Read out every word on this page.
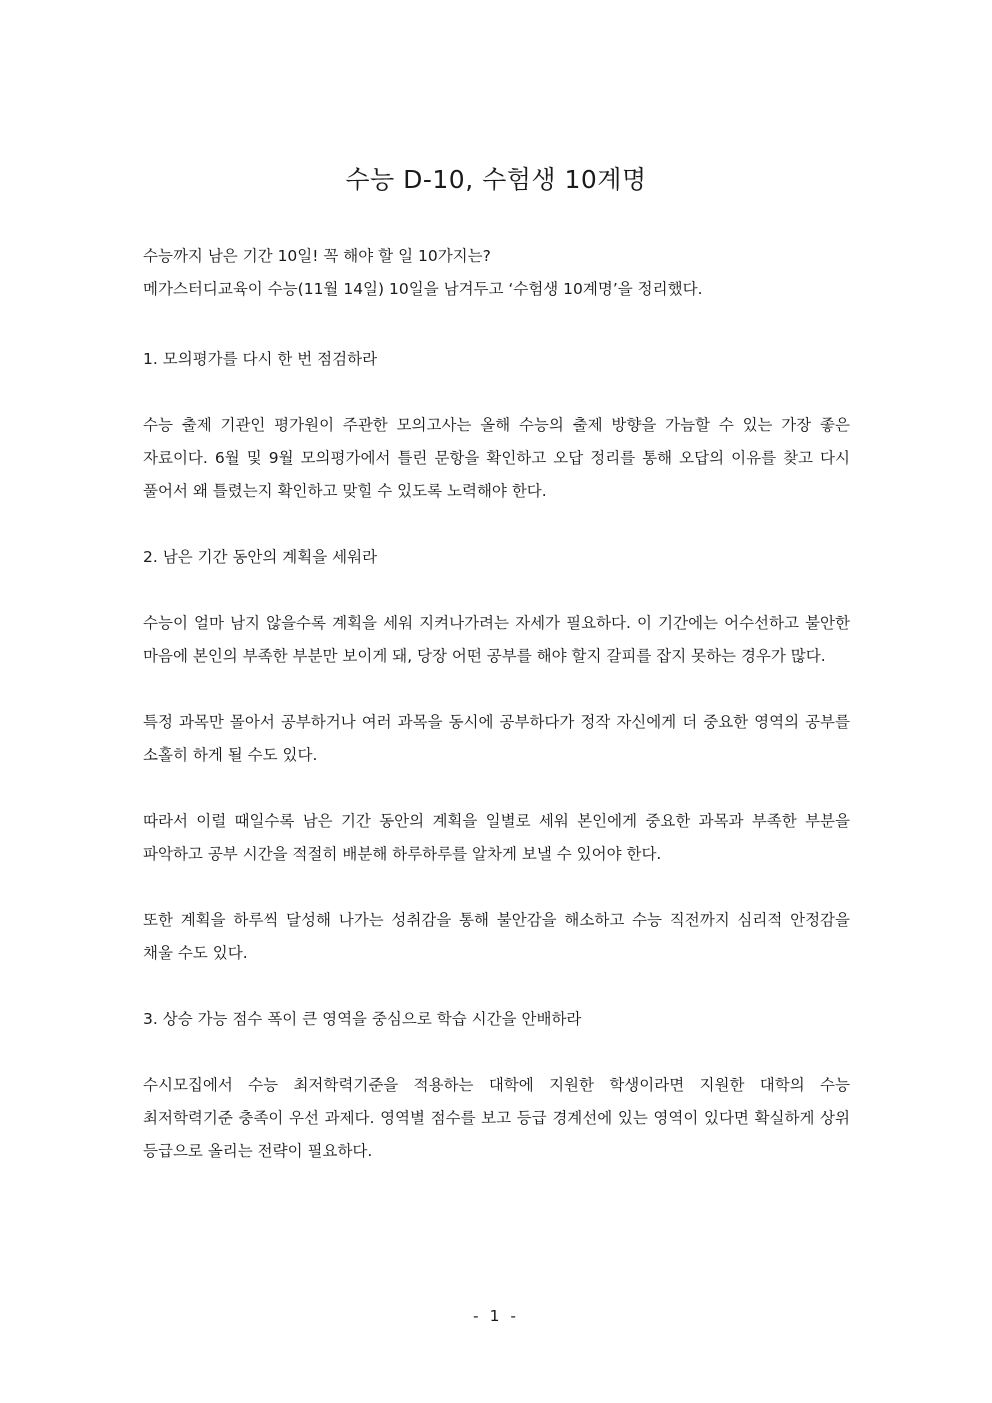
수능 D-10, 수험생 10계명

수능까지 남은 기간 10일! 꼭 해야 할 일 10가지는?

메가스터디교육이 수능(11월 14일) 10일을 남겨두고 ‘수험생 10계명’을 정리했다.

1. 모의평가를 다시 한 번 점검하라

수능 출제 기관인 평가원이 주관한 모의고사는 올해 수능의 출제 방향을 가늠할 수 있는 가장 좋은 자료이다. 6월 및 9월 모의평가에서 틀린 문항을 확인하고 오답 정리를 통해 오답의 이유를 찾고 다시 풀어서 왜 틀렸는지 확인하고 맞힐 수 있도록 노력해야 한다.

2. 남은 기간 동안의 계획을 세워라

수능이 얼마 남지 않을수록 계획을 세워 지켜나가려는 자세가 필요하다. 이 기간에는 어수선하고 불안한 마음에 본인의 부족한 부분만 보이게 돼, 당장 어떤 공부를 해야 할지 갈피를 잡지 못하는 경우가 많다.

특정 과목만 몰아서 공부하거나 여러 과목을 동시에 공부하다가 정작 자신에게 더 중요한 영역의 공부를 소홀히 하게 될 수도 있다.

따라서 이럴 때일수록 남은 기간 동안의 계획을 일별로 세워 본인에게 중요한 과목과 부족한 부분을 파악하고 공부 시간을 적절히 배분해 하루하루를 알차게 보낼 수 있어야 한다.

또한 계획을 하루씩 달성해 나가는 성취감을 통해 불안감을 해소하고 수능 직전까지 심리적 안정감을 채울 수도 있다.

3. 상승 가능 점수 폭이 큰 영역을 중심으로 학습 시간을 안배하라

수시모집에서 수능 최저학력기준을 적용하는 대학에 지원한 학생이라면 지원한 대학의 수능 최저학력기준 충족이 우선 과제다. 영역별 점수를 보고 등급 경계선에 있는 영역이 있다면 확실하게 상위 등급으로 올리는 전략이 필요하다.

- 1 -
